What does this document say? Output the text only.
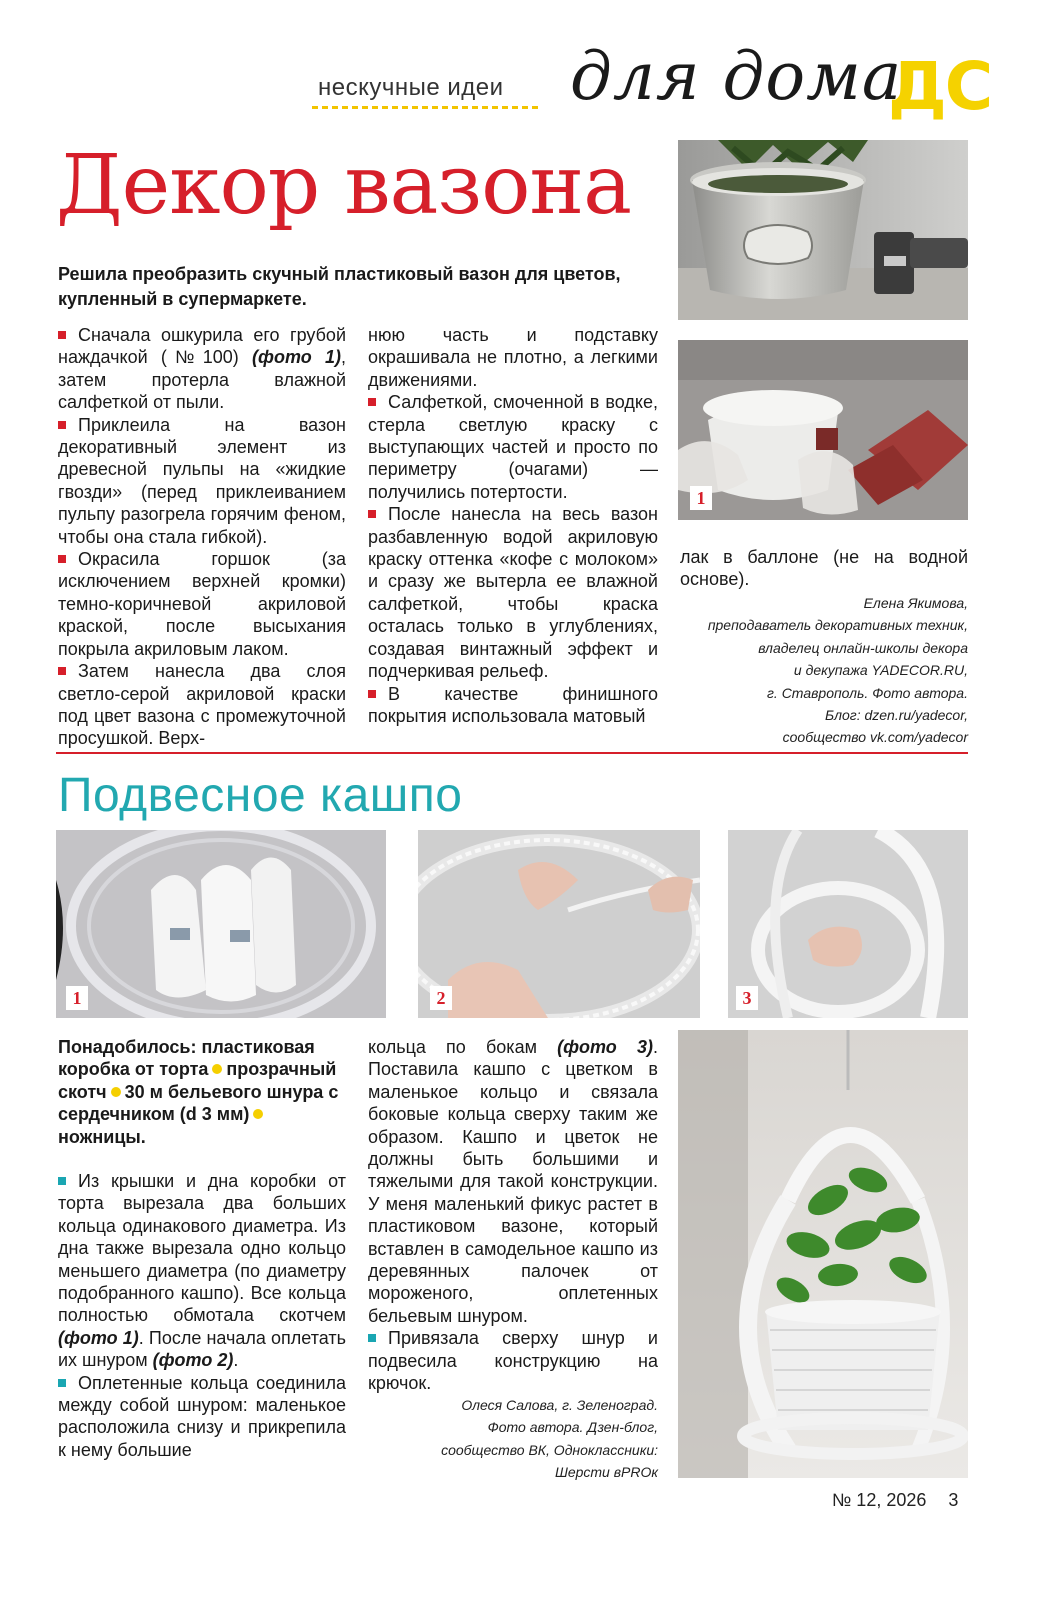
нескучные идеи для дома
ДС
Декор вазона
Решила преобразить скучный пластиковый вазон для цветов, купленный в супермаркете.

Сначала ошкурила его грубой наждачкой (№100) (фото 1), затем протерла влажной салфеткой от пыли.

Приклеила на вазон декоративный элемент из древесной пульпы на «жидкие гвозди» (перед приклеиванием пульпу разогрела горячим феном, чтобы она стала гибкой).

Окрасила горшок (за исключением верхней кромки) темно-коричневой акриловой краской, после высыхания покрыла акриловым лаком.

Затем нанесла два слоя светло-серой акриловой краски под цвет вазона с промежуточной просушкой. Верх-

нюю часть и подставку окрашивала не плотно, а легкими движениями.

Салфеткой, смоченной в водке, стерла светлую краску с выступающих частей и просто по периметру (очагами) — получились потертости.

После нанесла на весь вазон разбавленную водой акриловую краску оттенка «кофе с молоком» и сразу же вытерла ее влажной салфеткой, чтобы краска осталась только в углублениях, создавая винтажный эффект и подчеркивая рельеф.

В качестве финишного покрытия использовала матовый

лак в баллоне (не на водной основе).
Елена Якимова,
преподаватель декоративных техник,
владелец онлайн-школы декора
и декупажа YADECOR.RU,
г. Ставрополь. Фото автора.
Блог: dzen.ru/yadecor,
сообщество vk.com/yadecor
1
Подвесное кашпо
1	2	3
Понадобилось: пластиковая коробка от торта прозрачный скотч 30 м бельевого шнура с сердечником (d 3 мм)ножницы.

Из крышки и дна коробки от торта вырезала два больших кольца одинакового диаметра. Из дна также вырезала одно кольцо меньшего диаметра (по диаметру подобранного кашпо). Все кольца полностью обмотала скотчем (фото 1). После начала оплетать их шнуром (фото 2).

Оплетенные кольца соединила между собой шнуром: маленькое расположила снизу и прикрепила к нему большие

кольца по бокам (фото 3). Поставила кашпо с цветком в маленькое кольцо и связала боковые кольца сверху таким же образом. Кашпо и цветок не должны быть большими и тяжелыми для такой конструкции. У меня маленький фикус растет в пластиковом вазоне, который вставлен в самодельное кашпо из деревянных палочек от мороженого, оплетенных бельевым шнуром.

Привязала сверху шнур и подвесила конструкцию на крючок.

Олеся Салова, г. Зеленоград.
Фото автора. Дзен-блог,
сообщество ВК, Одноклассники:
Шерсти вPROк
№ 12, 2026 3
